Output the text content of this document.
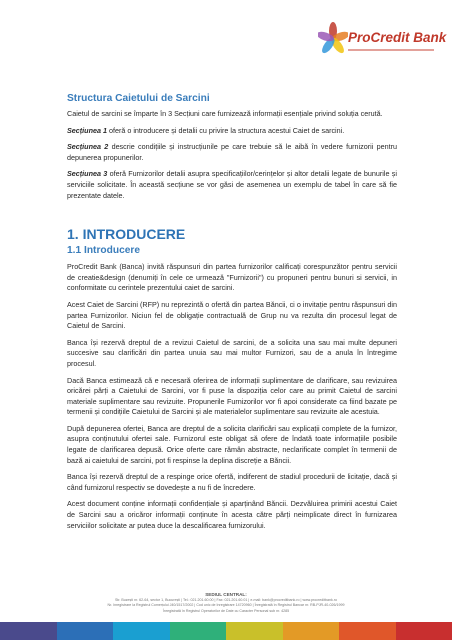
ProCredit Bank
Structura Caietului de Sarcini

Caietul de sarcini se împarte în 3 Secțiuni care furnizează informații esențiale privind soluția cerută.

Secțiunea 1 oferă o introducere și detalii cu privire la structura acestui Caiet de sarcini.

Secțiunea 2 descrie condițiile și instrucțiunile pe care trebuie să le aibă în vedere furnizorii pentru depunerea propunerilor.

Secțiunea 3 oferă Furnizorilor detalii asupra specificațiilor/cerințelor și altor detalii legate de bunurile și serviciile solicitate. În această secțiune se vor găsi de asemenea un exemplu de tabel în care să fie prezentate datele.

1. INTRODUCERE
1.1 Introducere

ProCredit Bank (Banca) invită răspunsuri din partea furnizorilor calificați corespunzător pentru servicii de creatie&design (denumiți în cele ce urmează "Furnizorii") cu propuneri pentru bunuri si servicii, in conformitate cu cerintele prezentului caiet de sarcini.

Acest Caiet de Sarcini (RFP) nu reprezintă o ofertă din partea Băncii, ci o invitație pentru răspunsuri din partea Furnizorilor. Niciun fel de obligație contractuală de Grup nu va rezulta din procesul legat de Caietul de Sarcini.

Banca își rezervă dreptul de a revizui Caietul de sarcini, de a solicita una sau mai multe depuneri succesive sau clarificări din partea unuia sau mai multor Furnizori, sau de a anula în întregime procesul.

Dacă Banca estimează că e necesară oferirea de informații suplimentare de clarificare, sau revizuirea oricărei părți a Caietului de Sarcini, vor fi puse la dispoziția celor care au primit Caietul de sarcini materiale suplimentare sau revizuite. Propunerile Furnizorilor vor fi apoi considerate ca fiind bazate pe termenii și condițiile Caietului de Sarcini și ale materialelor suplimentare sau revizuite ale acestuia.

După depunerea ofertei, Banca are dreptul de a solicita clarificări sau explicații complete de la furnizor, asupra conținutului ofertei sale. Furnizorul este obligat să ofere de îndată toate informațiile posibile legate de clarificarea depusă. Orice oferte care rămân abstracte, neclarificate complet în termenii de bază ai caietului de sarcini, pot fi respinse la deplina discreție a Băncii.

Banca își rezervă dreptul de a respinge orice ofertă, indiferent de stadiul procedurii de licitație, dacă și când furnizorul respectiv se dovedește a nu fi de încredere.

Acest document conține informații confidențiale și aparținând Băncii. Dezvăluirea primirii acestui Caiet de Sarcini sau a oricăror informații conținute în acesta către părți neimplicate direct în furnizarea serviciilor solicitate ar putea duce la descalificarea furnizorului.

SEDIUL CENTRAL:
Str. Buzești nr. 62-64, sector 1, București | Tel.: 021.201.60.00 | Fax: 021.201.60.01 | e-mail: bank@procreditbank.ro | www.procreditbank.ro
Nr. înregistrare la Registrul Comerțului J40/1517/2002 | Cod unic de înregistrare 14720960 | Înregistrată în Registrul Bancar nr. RB-PJR-40-026/1999
Înregistrată în Registrul Operatorilor de Date cu Caracter Personal sub nr. 4285
